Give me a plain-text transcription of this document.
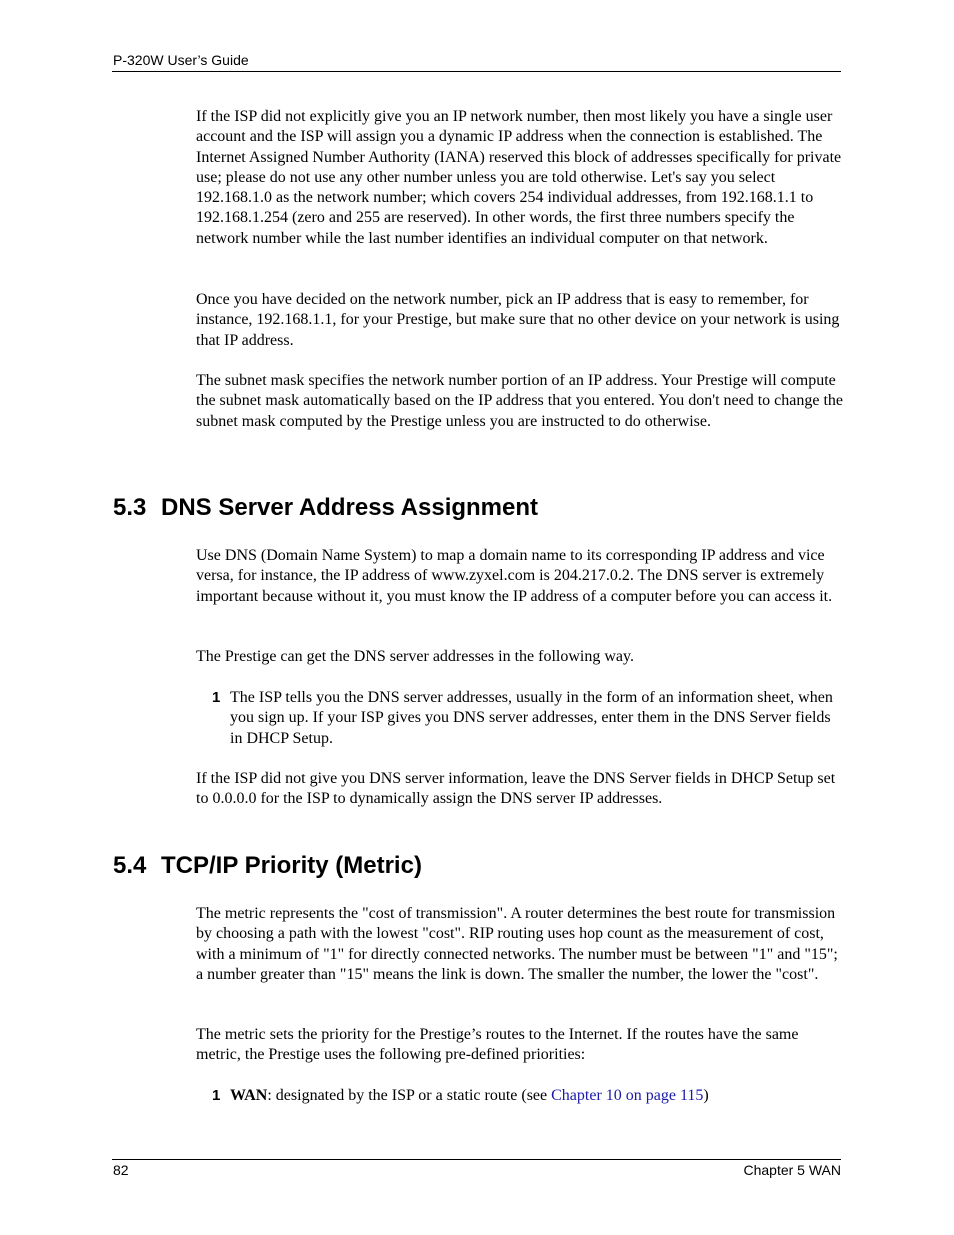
P-320W User’s Guide

If the ISP did not explicitly give you an IP network number, then most likely you have a single user account and the ISP will assign you a dynamic IP address when the connection is established. The Internet Assigned Number Authority (IANA) reserved this block of addresses specifically for private use; please do not use any other number unless you are told otherwise. Let's say you select 192.168.1.0 as the network number; which covers 254 individual addresses, from 192.168.1.1 to 192.168.1.254 (zero and 255 are reserved). In other words, the first three numbers specify the network number while the last number identifies an individual computer on that network.

Once you have decided on the network number, pick an IP address that is easy to remember, for instance, 192.168.1.1, for your Prestige, but make sure that no other device on your network is using that IP address.

The subnet mask specifies the network number portion of an IP address. Your Prestige will compute the subnet mask automatically based on the IP address that you entered. You don't need to change the subnet mask computed by the Prestige unless you are instructed to do otherwise.

5.3 DNS Server Address Assignment

Use DNS (Domain Name System) to map a domain name to its corresponding IP address and vice versa, for instance, the IP address of www.zyxel.com is 204.217.0.2. The DNS server is extremely important because without it, you must know the IP address of a computer before you can access it.

The Prestige can get the DNS server addresses in the following way.

1 The ISP tells you the DNS server addresses, usually in the form of an information sheet, when you sign up. If your ISP gives you DNS server addresses, enter them in the DNS Server fields in DHCP Setup.

If the ISP did not give you DNS server information, leave the DNS Server fields in DHCP Setup set to 0.0.0.0 for the ISP to dynamically assign the DNS server IP addresses.

5.4 TCP/IP Priority (Metric)

The metric represents the "cost of transmission". A router determines the best route for transmission by choosing a path with the lowest "cost". RIP routing uses hop count as the measurement of cost, with a minimum of "1" for directly connected networks. The number must be between "1" and "15"; a number greater than "15" means the link is down. The smaller the number, the lower the "cost".

The metric sets the priority for the Prestige’s routes to the Internet. If the routes have the same metric, the Prestige uses the following pre-defined priorities:

1 WAN: designated by the ISP or a static route (see Chapter 10 on page 115)

82	Chapter 5 WAN
